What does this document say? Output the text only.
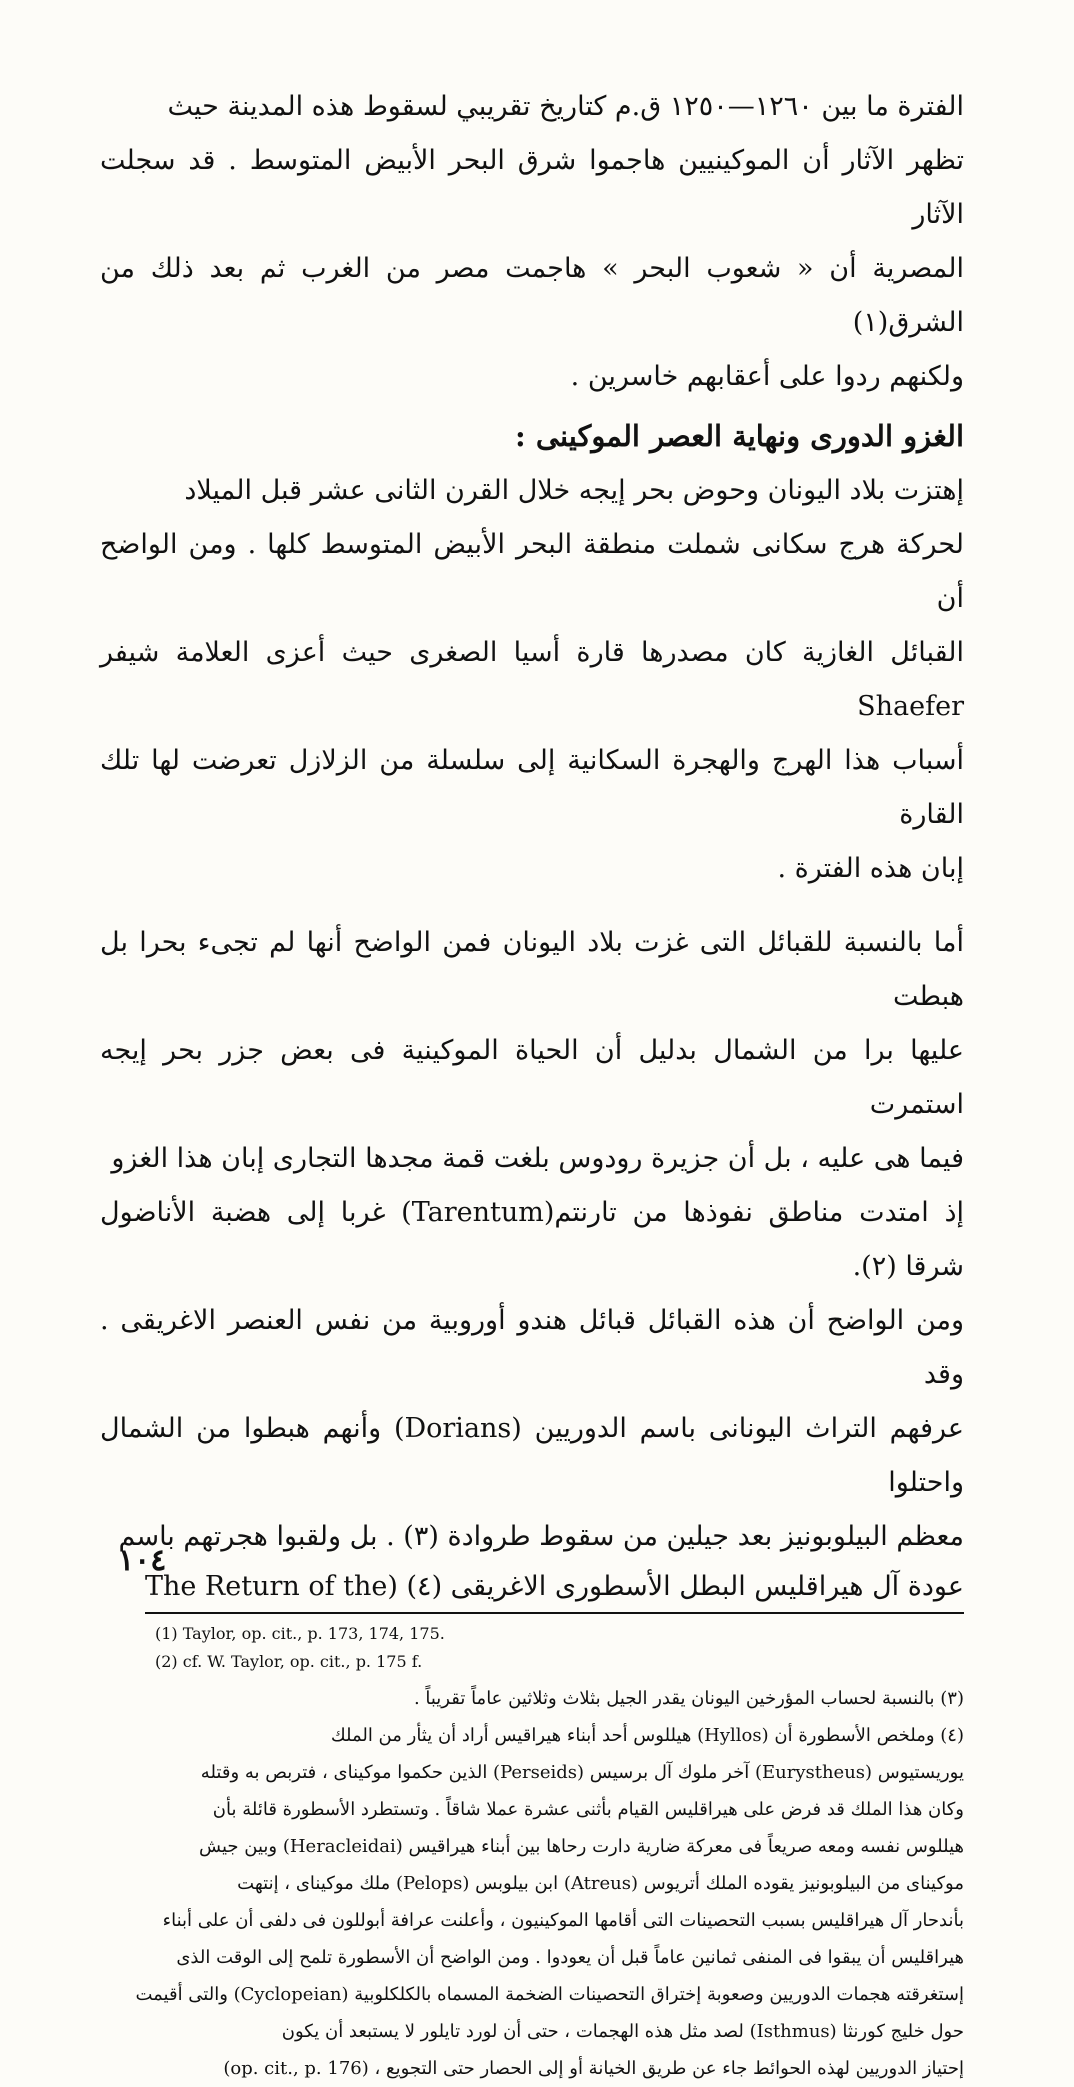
الفترة ما بين ١٢٦٠—١٢٥٠ ق.م كتاريخ تقريبي لسقوط هذه المدينة حيث

تظهر الآثار أن الموكينيين هاجموا شرق البحر الأبيض المتوسط . قد سجلت الآثار

المصرية أن « شعوب البحر » هاجمت مصر من الغرب ثم بعد ذلك من الشرق(١)

ولكنهم ردوا على أعقابهم خاسرين .

الغزو الدورى ونهاية العصر الموكينى :

إهتزت بلاد اليونان وحوض بحر إيجه خلال القرن الثانى عشر قبل الميلاد

لحركة هرج سكانى شملت منطقة البحر الأبيض المتوسط كلها . ومن الواضح أن

القبائل الغازية كان مصدرها قارة أسيا الصغرى حيث أعزى العلامة شيفر Shaefer

أسباب هذا الهرج والهجرة السكانية إلى سلسلة من الزلازل تعرضت لها تلك القارة

إبان هذه الفترة .

أما بالنسبة للقبائل التى غزت بلاد اليونان فمن الواضح أنها لم تجىء بحرا بل هبطت

عليها برا من الشمال بدليل أن الحياة الموكينية فى بعض جزر بحر إيجه استمرت

فيما هى عليه ، بل أن جزيرة رودوس بلغت قمة مجدها التجارى إبان هذا الغزو

إذ امتدت مناطق نفوذها من تارنتم(Tarentum) غربا إلى هضبة الأناضول شرقا (٢).

ومن الواضح أن هذه القبائل قبائل هندو أوروبية من نفس العنصر الاغريقى . وقد

عرفهم التراث اليونانى باسم الدوريين (Dorians) وأنهم هبطوا من الشمال واحتلوا

معظم البيلوبونيز بعد جيلين من سقوط طروادة (٣) . بل ولقبوا هجرتهم باسم

عودة آل هيراقليس البطل الأسطورى الاغريقى (٤) (The Return of the

(1) Taylor, op. cit., p. 173, 174, 175.

(2) cf. W. Taylor, op. cit., p. 175 f.

(٣) بالنسبة لحساب المؤرخين اليونان يقدر الجيل بثلاث وثلاثين عاماً تقريباً .

(٤) وملخص الأسطورة أن (Hyllos) هيللوس أحد أبناء هيراقيس أراد أن يثأر من الملك

يوريستيوس (Eurystheus) آخر ملوك آل برسيس (Perseids) الذين حكموا موكيناى ، فتربص به وقتله

وكان هذا الملك قد فرض على هيراقليس القيام بأثنى عشرة عملا شاقاً . وتستطرد الأسطورة قائلة بأن

هيللوس نفسه ومعه صريعاً فى معركة ضارية دارت رحاها بين أبناء هيراقيس (Heracleidai) وبين جيش

موكيناى من البيلوبونيز يقوده الملك أتريوس (Atreus) ابن بيلوبس (Pelops) ملك موكيناى ، إنتهت

بأندحار آل هيراقليس بسبب التحصينات التى أقامها الموكينيون ، وأعلنت عرافة أبوللون فى دلفى أن على أبناء

هيراقليس أن يبقوا فى المنفى ثمانين عاماً قبل أن يعودوا . ومن الواضح أن الأسطورة تلمح إلى الوقت الذى

إستغرقته هجمات الدوريين وصعوبة إختراق التحصينات الضخمة المسماه بالكلكلوبية (Cyclopeian) والتى أقيمت

حول خليج كورنثا (Isthmus) لصد مثل هذه الهجمات ، حتى أن لورد تايلور لا يستبعد أن يكون

إحتياز الدوريين لهذه الحوائط جاء عن طريق الخيانة أو إلى الحصار حتى التجويع ، (op. cit., p. 176)

١٠٤
